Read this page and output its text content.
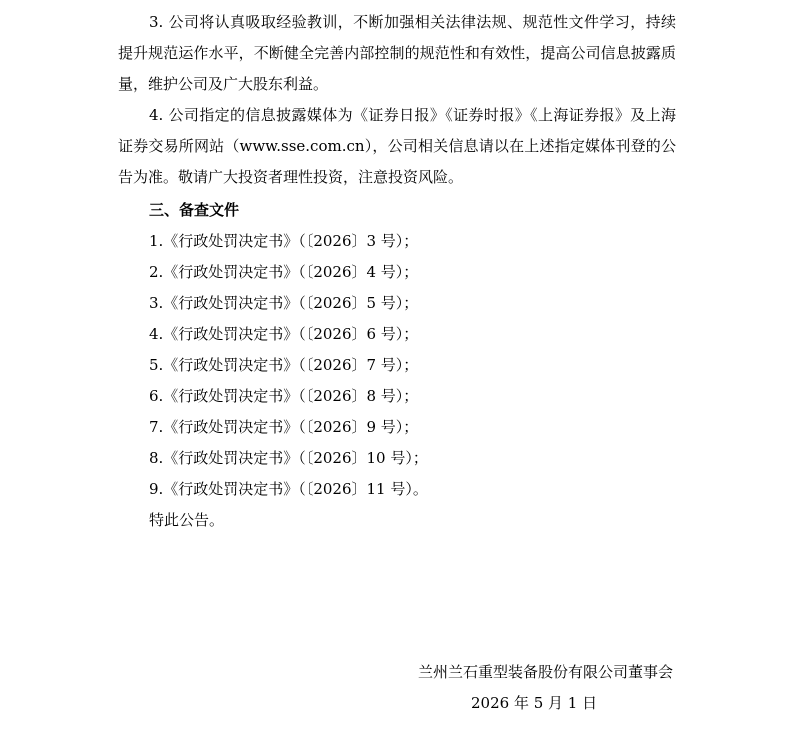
3. 公司将认真吸取经验教训，不断加强相关法律法规、规范性文件学习，持续提升规范运作水平，不断健全完善内部控制的规范性和有效性，提高公司信息披露质量，维护公司及广大股东利益。

4. 公司指定的信息披露媒体为《证券日报》《证券时报》《上海证券报》及上海证券交易所网站（www.sse.com.cn），公司相关信息请以在上述指定媒体刊登的公告为准。敬请广大投资者理性投资，注意投资风险。

三、备查文件

1.《行政处罚决定书》（〔2026〕3 号）；
2.《行政处罚决定书》（〔2026〕4 号）；
3.《行政处罚决定书》（〔2026〕5 号）；
4.《行政处罚决定书》（〔2026〕6 号）；
5.《行政处罚决定书》（〔2026〕7 号）；
6.《行政处罚决定书》（〔2026〕8 号）；
7.《行政处罚决定书》（〔2026〕9 号）；
8.《行政处罚决定书》（〔2026〕10 号）；
9.《行政处罚决定书》（〔2026〕11 号）。

特此公告。

兰州兰石重型装备股份有限公司董事会

2026 年 5 月 1 日
